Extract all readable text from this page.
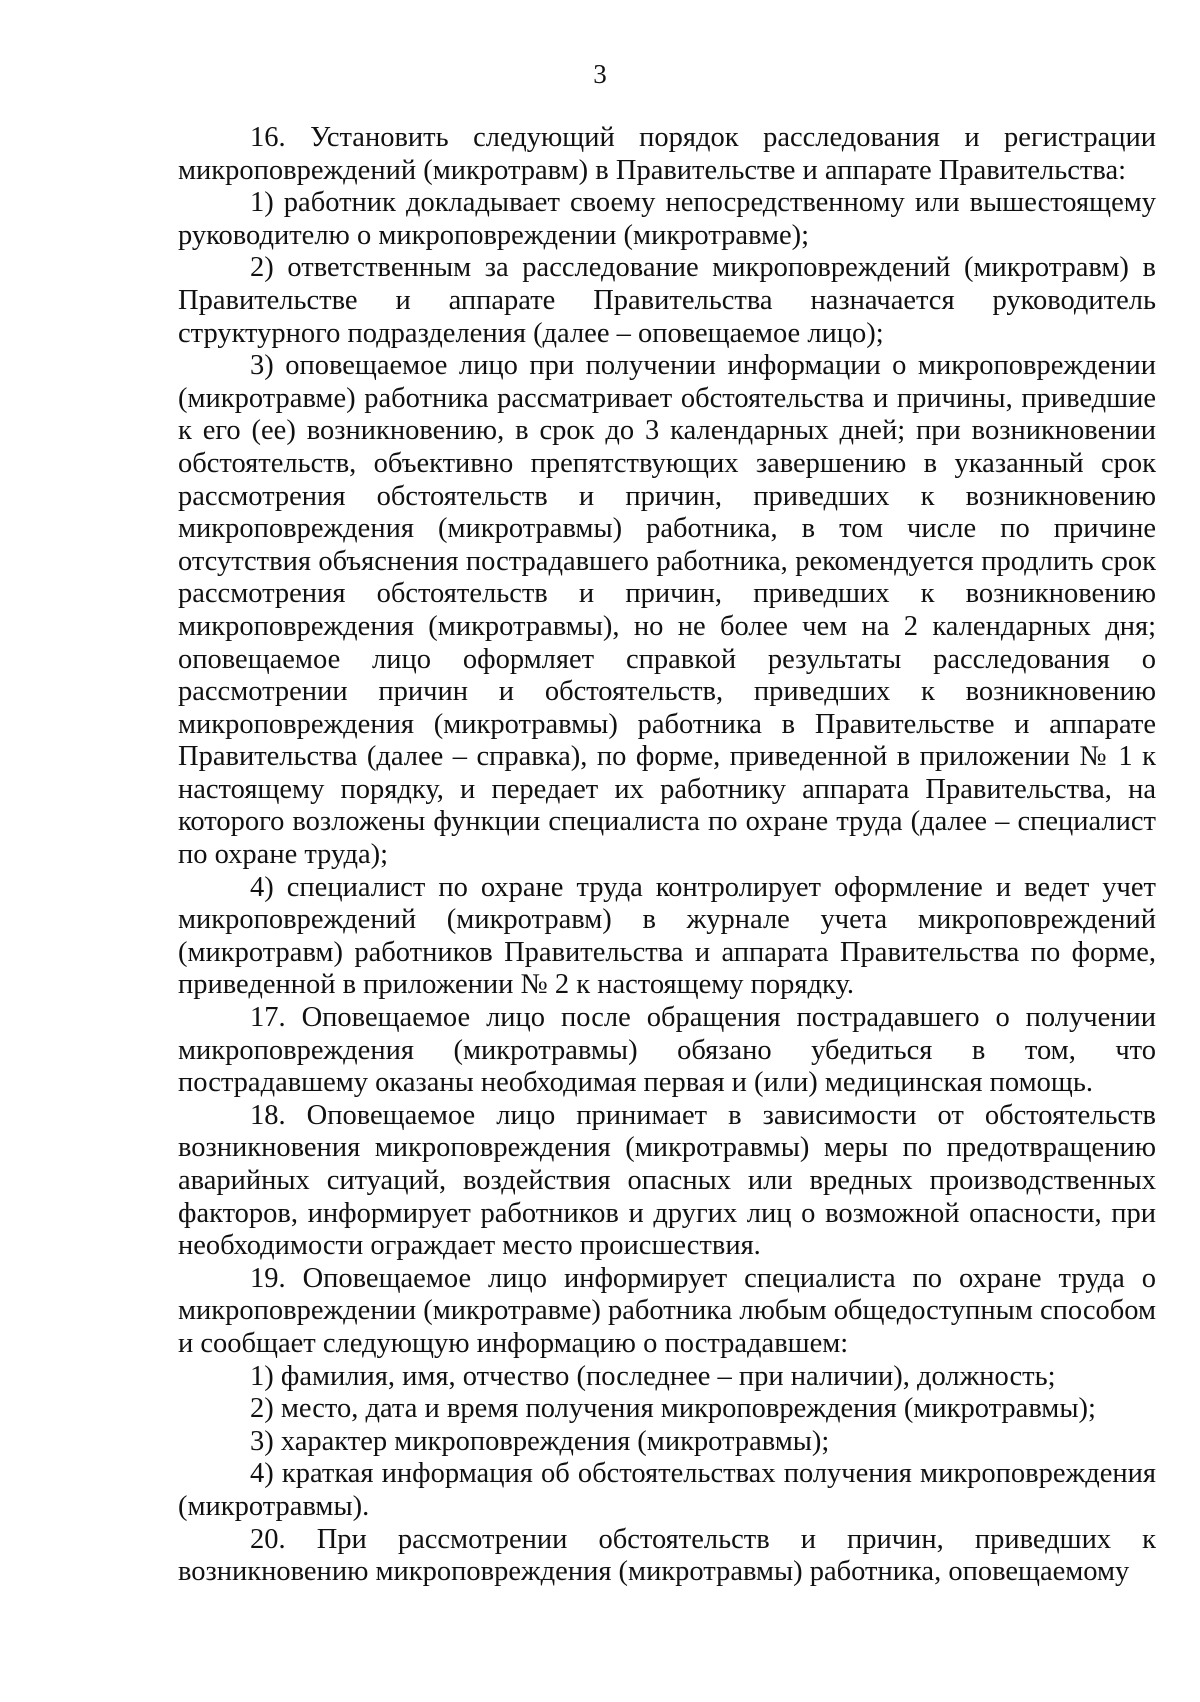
3

16. Установить следующий порядок расследования и регистрации микроповреждений (микротравм) в Правительстве и аппарате Правительства:

1) работник докладывает своему непосредственному или вышестоящему руководителю о микроповреждении (микротравме);

2) ответственным за расследование микроповреждений (микротравм) в Правительстве и аппарате Правительства назначается руководитель структурного подразделения (далее – оповещаемое лицо);

3) оповещаемое лицо при получении информации о микроповреждении (микротравме) работника рассматривает обстоятельства и причины, приведшие к его (ее) возникновению, в срок до 3 календарных дней; при возникновении обстоятельств, объективно препятствующих завершению в указанный срок рассмотрения обстоятельств и причин, приведших к возникновению микроповреждения (микротравмы) работника, в том числе по причине отсутствия объяснения пострадавшего работника, рекомендуется продлить срок рассмотрения обстоятельств и причин, приведших к возникновению микроповреждения (микротравмы), но не более чем на 2 календарных дня; оповещаемое лицо оформляет справкой результаты расследования о рассмотрении причин и обстоятельств, приведших к возникновению микроповреждения (микротравмы) работника в Правительстве и аппарате Правительства (далее – справка), по форме, приведенной в приложении № 1 к настоящему порядку, и передает их работнику аппарата Правительства, на которого возложены функции специалиста по охране труда (далее – специалист по охране труда);

4) специалист по охране труда контролирует оформление и ведет учет микроповреждений (микротравм) в журнале учета микроповреждений (микротравм) работников Правительства и аппарата Правительства по форме, приведенной в приложении № 2 к настоящему порядку.

17. Оповещаемое лицо после обращения пострадавшего о получении микроповреждения (микротравмы) обязано убедиться в том, что пострадавшему оказаны необходимая первая и (или) медицинская помощь.

18. Оповещаемое лицо принимает в зависимости от обстоятельств возникновения микроповреждения (микротравмы) меры по предотвращению аварийных ситуаций, воздействия опасных или вредных производственных факторов, информирует работников и других лиц о возможной опасности, при необходимости ограждает место происшествия.

19. Оповещаемое лицо информирует специалиста по охране труда о микроповреждении (микротравме) работника любым общедоступным способом и сообщает следующую информацию о пострадавшем:

1) фамилия, имя, отчество (последнее – при наличии), должность;

2) место, дата и время получения микроповреждения (микротравмы);

3) характер микроповреждения (микротравмы);

4) краткая информация об обстоятельствах получения микроповреждения (микротравмы).

20. При рассмотрении обстоятельств и причин, приведших к возникновению микроповреждения (микротравмы) работника, оповещаемому
